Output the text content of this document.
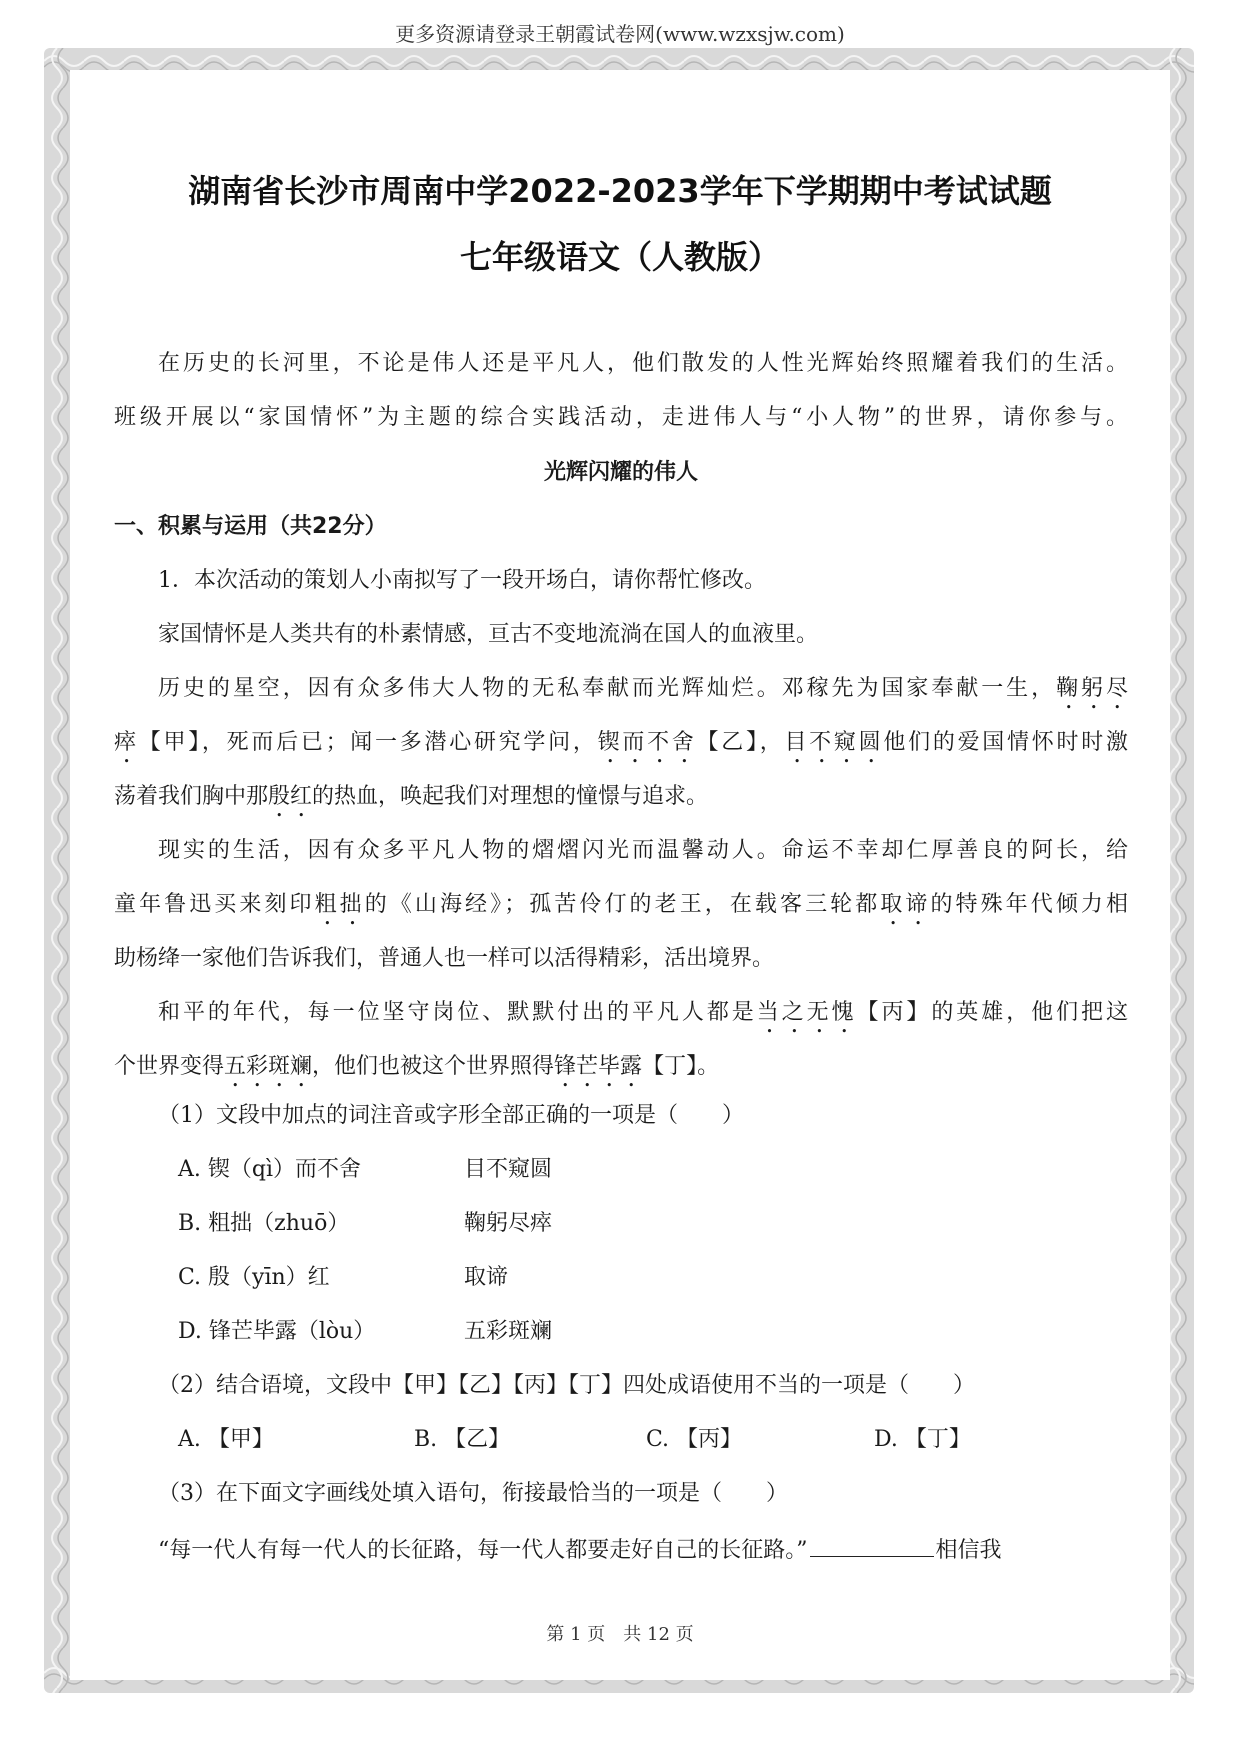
更多资源请登录王朝霞试卷网(www.wzxsjw.com)
湖南省长沙市周南中学2022-2023学年下学期期中考试试题
七年级语文（人教版）
在历史的长河里，不论是伟人还是平凡人，他们散发的人性光辉始终照耀着我们的生活。
班级开展以“家国情怀”为主题的综合实践活动，走进伟人与“小人物”的世界，请你参与。
光辉闪耀的伟人
一、积累与运用（共22分）
1．本次活动的策划人小南拟写了一段开场白，请你帮忙修改。
家国情怀是人类共有的朴素情感，亘古不变地流淌在国人的血液里。
历史的星空，因有众多伟大人物的无私奉献而光辉灿烂。邓稼先为国家奉献一生，鞠躬尽
瘁【甲】，死而后已；闻一多潜心研究学问，锲而不舍【乙】，目不窥圆他们的爱国情怀时时激
荡着我们胸中那殷红的热血，唤起我们对理想的憧憬与追求。
现实的生活，因有众多平凡人物的熠熠闪光而温馨动人。命运不幸却仁厚善良的阿长，给
童年鲁迅买来刻印粗拙的《山海经》；孤苦伶仃的老王，在载客三轮都取谛的特殊年代倾力相
助杨绛一家他们告诉我们，普通人也一样可以活得精彩，活出境界。
和平的年代，每一位坚守岗位、默默付出的平凡人都是当之无愧【丙】的英雄，他们把这
个世界变得五彩斑斓，他们也被这个世界照得锋芒毕露【丁】。
（1）文段中加点的词注音或字形全部正确的一项是（　　）
A. 锲（qì）而不舍	目不窥圆
B. 粗拙（zhuō）	鞠躬尽瘁
C. 殷（yīn）红	取谛
D. 锋芒毕露（lòu）	五彩斑斓
（2）结合语境，文段中【甲】【乙】【丙】【丁】四处成语使用不当的一项是（　　）
A. 【甲】	B. 【乙】	C. 【丙】	D. 【丁】
（3）在下面文字画线处填入语句，衔接最恰当的一项是（　　）
“每一代人有每一代人的长征路，每一代人都要走好自己的长征路。”	相信我
第 1 页　共 12 页
